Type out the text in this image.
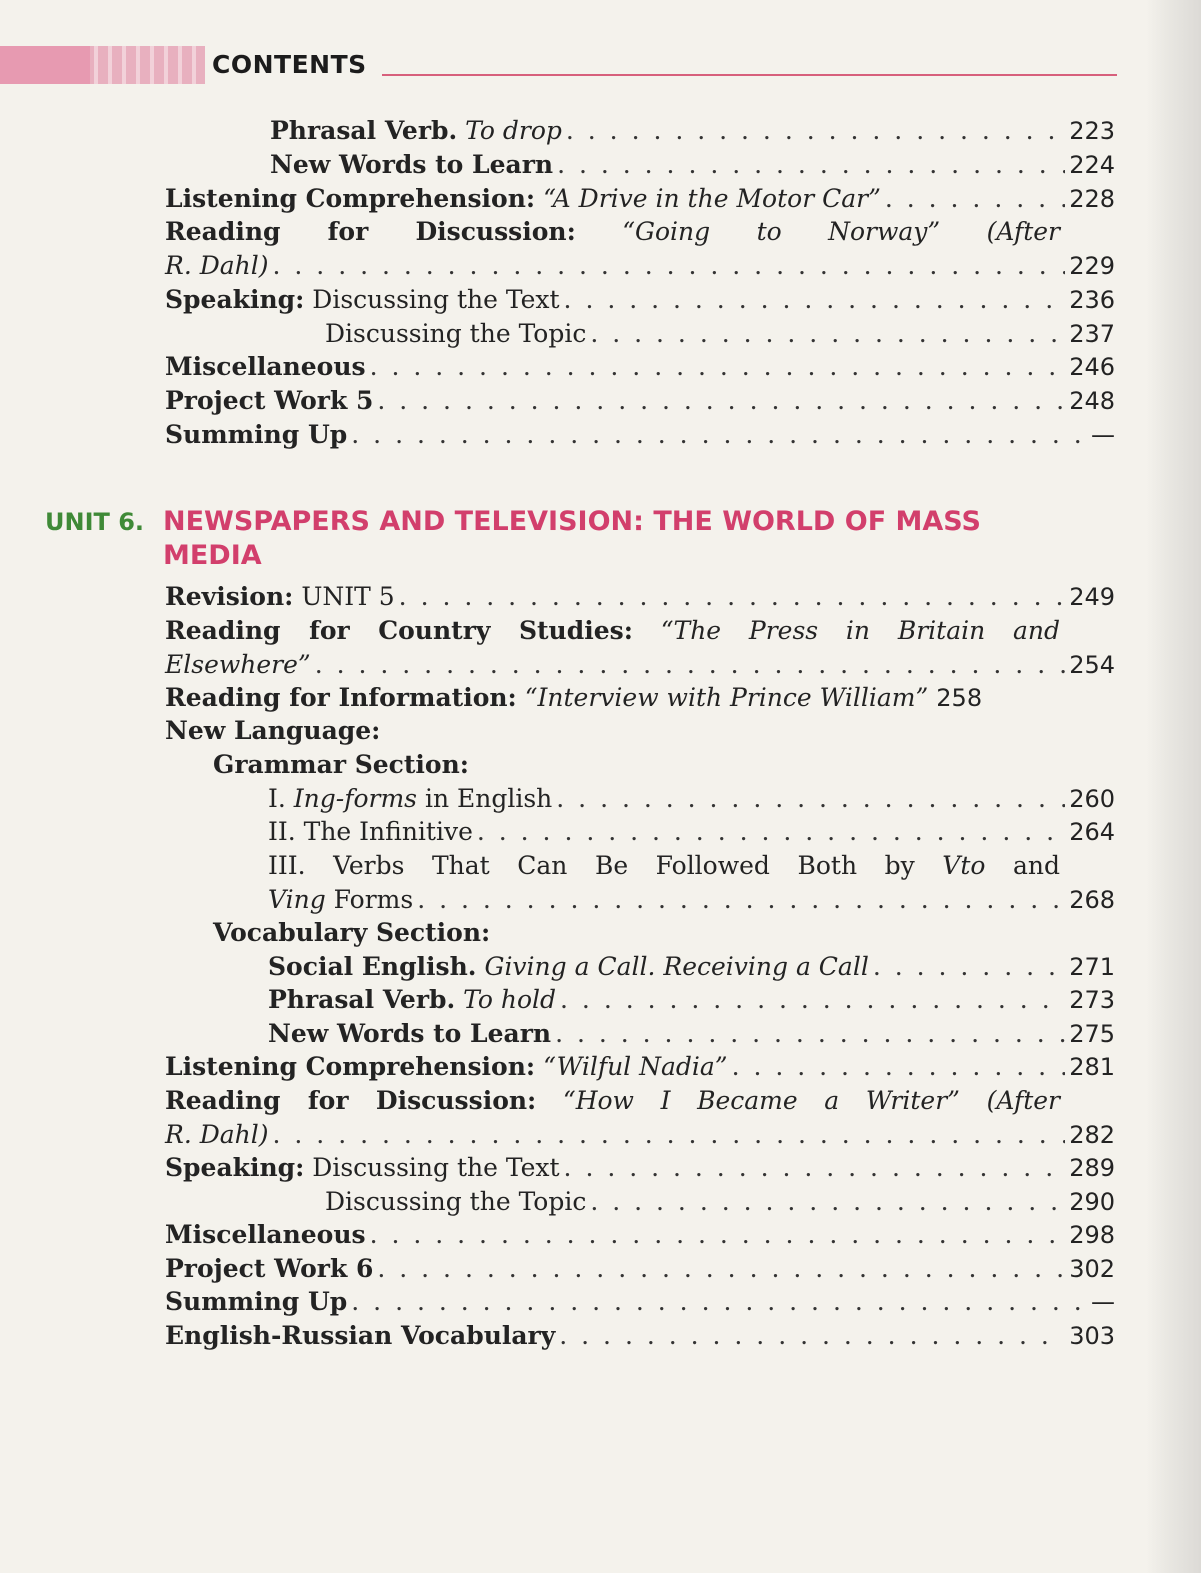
CONTENTS
Phrasal Verb. To drop . . .	223
New Words to Learn . . .	224
Listening Comprehension: “A Drive in the Motor Car” . . .	228
Reading for Discussion: “Going to Norway” (After
R. Dahl) . . .	229
Speaking: Discussing the Text . . .	236
Discussing the Topic . . .	237
Miscellaneous . . .	246
Project Work 5 . . .	248
Summing Up . . .	—
UNIT 6. NEWSPAPERS AND TELEVISION: THE WORLD OF MASS
MEDIA
Revision: UNIT 5 . . .	249
Reading for Country Studies: “The Press in Britain and
Elsewhere” . . .	254
Reading for Information: “Interview with Prince William” 258
New Language:
Grammar Section:
I. Ing-forms in English . . .	260
II. The Infinitive . . .	264
III. Verbs That Can Be Followed Both by Vto and
Ving Forms . . .	268
Vocabulary Section:
Social English. Giving a Call. Receiving a Call . . .	271
Phrasal Verb. To hold . . .	273
New Words to Learn . . .	275
Listening Comprehension: “Wilful Nadia” . . .	281
Reading for Discussion: “How I Became a Writer” (After
R. Dahl) . . .	282
Speaking: Discussing the Text . . .	289
Discussing the Topic . . .	290
Miscellaneous . . .	298
Project Work 6 . . .	302
Summing Up . . .	—
English-Russian Vocabulary . . .	303
